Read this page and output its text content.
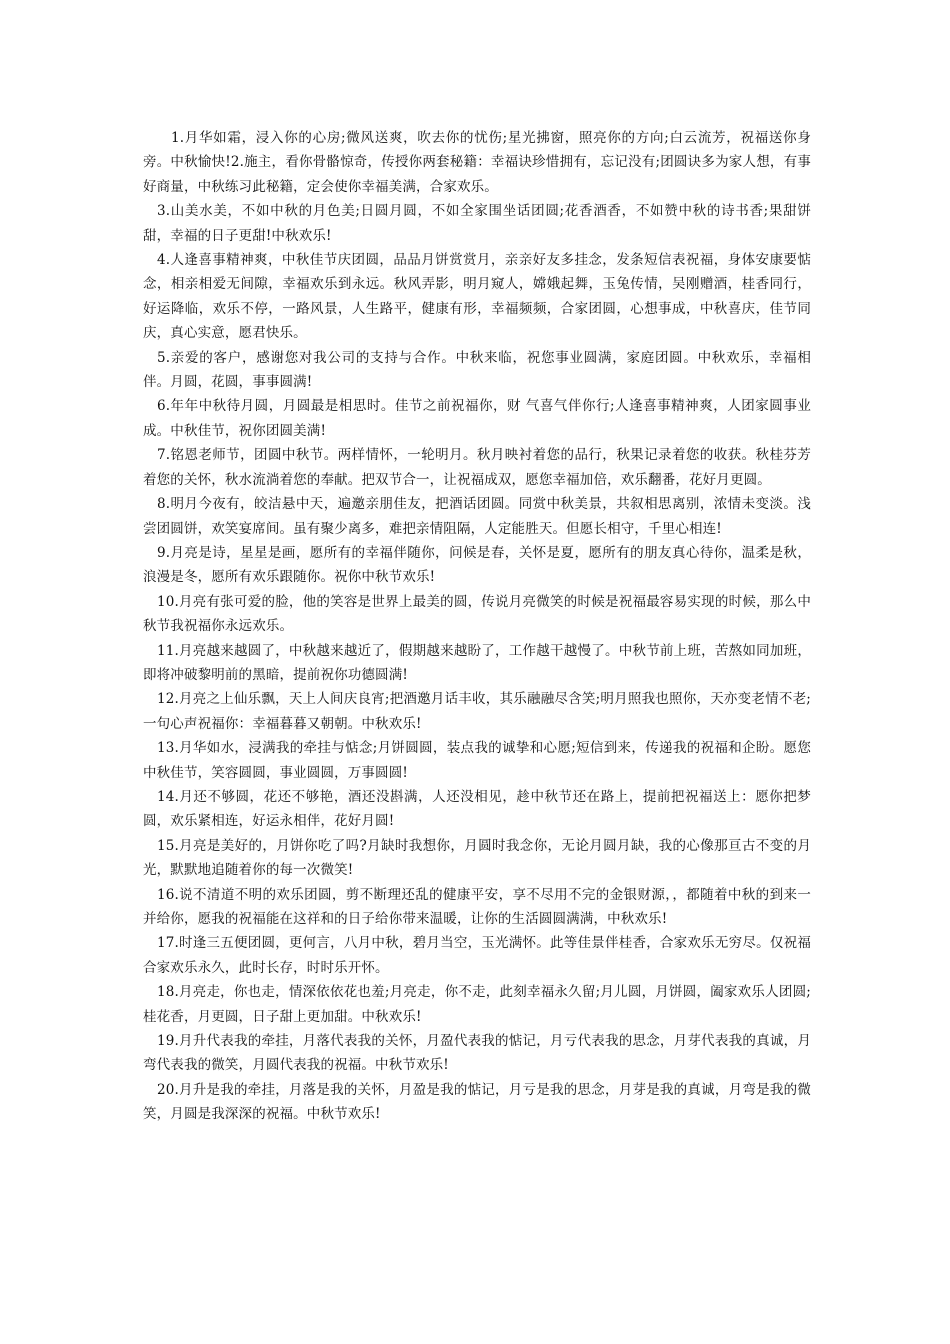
1.月华如霜，浸入你的心房;微风送爽，吹去你的忧伤;星光拂窗，照亮你的方向;白云流芳，祝福送你身旁。中秋愉快!2.施主，看你骨骼惊奇，传授你两套秘籍：幸福诀珍惜拥有，忘记没有;团圆诀多为家人想，有事好商量，中秋练习此秘籍，定会使你幸福美满，合家欢乐。

3.山美水美，不如中秋的月色美;日圆月圆，不如全家围坐话团圆;花香酒香，不如赞中秋的诗书香;果甜饼甜，幸福的日子更甜!中秋欢乐!

4.人逢喜事精神爽，中秋佳节庆团圆，品品月饼赏赏月，亲亲好友多挂念，发条短信表祝福，身体安康要惦念，相亲相爱无间隙，幸福欢乐到永远。秋风弄影，明月窥人，嫦娥起舞，玉兔传情，吴刚赠酒，桂香同行，好运降临，欢乐不停，一路风景，人生路平，健康有形，幸福频频，合家团圆，心想事成，中秋喜庆，佳节同庆，真心实意，愿君快乐。

5.亲爱的客户，感谢您对我公司的支持与合作。中秋来临，祝您事业圆满，家庭团圆。中秋欢乐，幸福相伴。月圆，花圆，事事圆满!

6.年年中秋待月圆，月圆最是相思时。佳节之前祝福你，财 气喜气伴你行;人逢喜事精神爽，人团家圆事业成。中秋佳节，祝你团圆美满!

7.铭恩老师节，团圆中秋节。两样情怀，一轮明月。秋月映衬着您的品行，秋果记录着您的收获。秋桂芬芳着您的关怀，秋水流淌着您的奉献。把双节合一，让祝福成双，愿您幸福加倍，欢乐翻番，花好月更圆。

8.明月今夜有，皎洁悬中天，遍邀亲朋佳友，把酒话团圆。同赏中秋美景，共叙相思离别，浓情未变淡。浅尝团圆饼，欢笑宴席间。虽有聚少离多，难把亲情阻隔，人定能胜天。但愿长相守，千里心相连!

9.月亮是诗，星星是画，愿所有的幸福伴随你，问候是春，关怀是夏，愿所有的朋友真心待你，温柔是秋，浪漫是冬，愿所有欢乐跟随你。祝你中秋节欢乐!

10.月亮有张可爱的脸，他的笑容是世界上最美的圆，传说月亮微笑的时候是祝福最容易实现的时候，那么中秋节我祝福你永远欢乐。

11.月亮越来越圆了，中秋越来越近了，假期越来越盼了，工作越干越慢了。中秋节前上班，苦熬如同加班，即将冲破黎明前的黑暗，提前祝你功德圆满!

12.月亮之上仙乐飘，天上人间庆良宵;把酒邀月话丰收，其乐融融尽含笑;明月照我也照你，天亦变老情不老;一句心声祝福你：幸福暮暮又朝朝。中秋欢乐!

13.月华如水，浸满我的牵挂与惦念;月饼圆圆，装点我的诚挚和心愿;短信到来，传递我的祝福和企盼。愿您中秋佳节，笑容圆圆，事业圆圆，万事圆圆!

14.月还不够圆，花还不够艳，酒还没斟满，人还没相见，趁中秋节还在路上，提前把祝福送上：愿你把梦圆，欢乐紧相连，好运永相伴，花好月圆!

15.月亮是美好的，月饼你吃了吗?月缺时我想你，月圆时我念你，无论月圆月缺，我的心像那亘古不变的月光，默默地追随着你的每一次微笑!

16.说不清道不明的欢乐团圆，剪不断理还乱的健康平安，享不尽用不完的金银财源，，都随着中秋的到来一并给你，愿我的祝福能在这祥和的日子给你带来温暖，让你的生活圆圆满满，中秋欢乐!

17.时逢三五便团圆，更何言，八月中秋，碧月当空，玉光满怀。此等佳景伴桂香，合家欢乐无穷尽。仅祝福合家欢乐永久，此时长存，时时乐开怀。

18.月亮走，你也走，情深依依花也羞;月亮走，你不走，此刻幸福永久留;月儿圆，月饼圆，阖家欢乐人团圆;桂花香，月更圆，日子甜上更加甜。中秋欢乐!

19.月升代表我的牵挂，月落代表我的关怀，月盈代表我的惦记，月亏代表我的思念，月芽代表我的真诚，月弯代表我的微笑，月圆代表我的祝福。中秋节欢乐!

20.月升是我的牵挂，月落是我的关怀，月盈是我的惦记，月亏是我的思念，月芽是我的真诚，月弯是我的微笑，月圆是我深深的祝福。中秋节欢乐!
